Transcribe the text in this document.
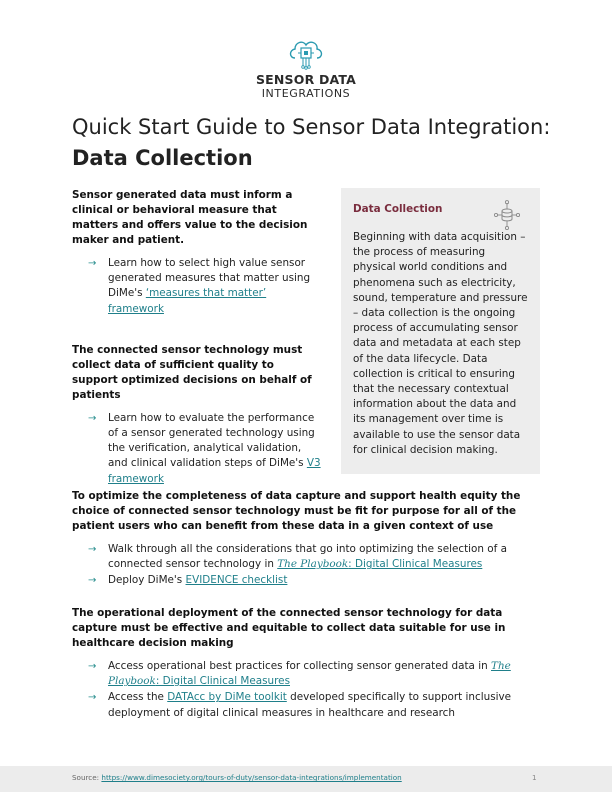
SENSOR DATA
INTEGRATIONS
Quick Start Guide to Sensor Data Integration: Data Collection

Sensor generated data must inform a clinical or behavioral measure that matters and offers value to the decision maker and patient.

→ Learn how to select high value sensor generated measures that matter using DiMe's ‘measures that matter’ framework

The connected sensor technology must collect data of sufficient quality to support optimized decisions on behalf of patients

→ Learn how to evaluate the performance of a sensor generated technology using the verification, analytical validation, and clinical validation steps of DiMe's V3 framework
Data Collection

Beginning with data acquisition – the process of measuring physical world conditions and phenomena such as electricity, sound, temperature and pressure – data collection is the ongoing process of accumulating sensor data and metadata at each step of the data lifecycle. Data collection is critical to ensuring that the necessary contextual information about the data and its management over time is available to use the sensor data for clinical decision making.

To optimize the completeness of data capture and support health equity the choice of connected sensor technology must be fit for purpose for all of the patient users who can benefit from these data in a given context of use

→ Walk through all the considerations that go into optimizing the selection of a connected sensor technology in The Playbook: Digital Clinical Measures
→ Deploy DiMe's EVIDENCE checklist

The operational deployment of the connected sensor technology for data capture must be effective and equitable to collect data suitable for use in healthcare decision making

→ Access operational best practices for collecting sensor generated data in The Playbook: Digital Clinical Measures
→ Access the DATAcc by DiMe toolkit developed specifically to support inclusive deployment of digital clinical measures in healthcare and research
Source: https://www.dimesociety.org/tours-of-duty/sensor-data-integrations/implementation	1
